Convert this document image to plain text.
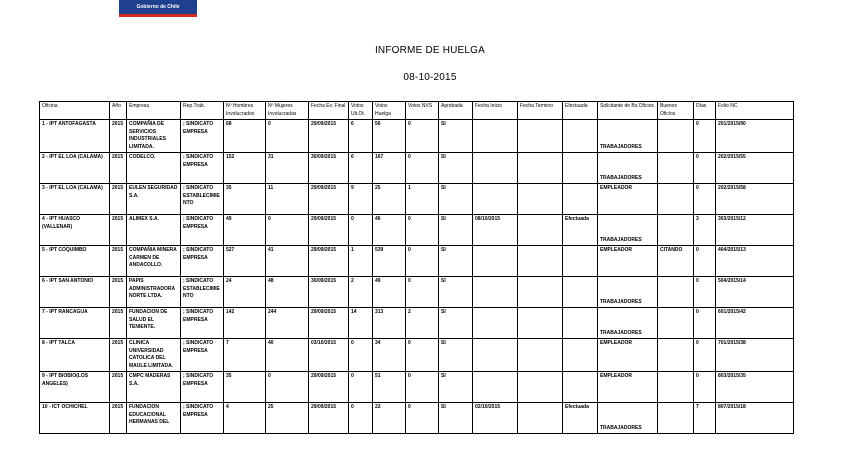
Gobierno de Chile
INFORME DE HUELGA
08-10-2015
Oficina	Año	Empresa	Rep.Trab.	Nº Hombres Involucrados	Nº Mujeres Involucradas	Fecha Ev. Final	Votos Ult.Ot.	Votos Huelga	Votos NVS	Aprobada	Fecha Inicio	Fecha Termino	Efectuada	Solicitante de Bs.Oficios	Buenos Oficios	Días	Folio NC
1 - IPT ANTOFAGASTA	2015	COMPAÑIA DE SERVICIOS INDUSTRIALES LIMITADA.	; SINDICATO EMPRESA	68	0	29/09/2015	6	56	0	SI				TRABAJADORES		0	201/2015/90
2 - IPT EL LOA (CALAMA)	2015	CODELCO.	; SINDICATO EMPRESA	152	31	30/09/2015	6	167	0	SI				TRABAJADORES		0	202/2015/55
3 - IPT EL LOA (CALAMA)	2015	EULEN SEGURIDAD S.A.	; SINDICATO ESTABLECIMIENTO	35	11	29/09/2015	9	25	1	SI				EMPLEADOR		0	202/2015/58
4 - IPT HUASCO (VALLENAR)	2015	ALIMEX S.A.	; SINDICATO EMPRESA	49	0	29/09/2015	0	46	0	SI	08/10/2015		Efectuada	TRABAJADORES		3	303/2015/12
5 - IPT COQUIMBO	2015	COMPAÑIA MINERA CARMEN DE ANDACOLLO.	; SINDICATO EMPRESA	527	41	29/09/2015	1	539	0	SI				EMPLEADOR	CITANDO	0	404/2015/13
6 - IPT SAN ANTONIO	2015	PAPIS ADMINISTRADORA NORTE LTDA.	; SINDICATO ESTABLECIMIENTO	24	48	30/09/2015	2	49	0	SI				TRABAJADORES		0	504/2015/14
7 - IPT RANCAGUA	2015	FUNDACION DE SALUD EL TENIENTE.	; SINDICATO EMPRESA	142	244	29/09/2015	14	313	2	SI				TRABAJADORES		0	601/2015/42
8 - IPT TALCA	2015	CLINICA UNIVERSIDAD CATOLICA DEL MAULE LIMITADA.	; SINDICATO EMPRESA	7	40	03/10/2015	0	34	0	SI				EMPLEADOR		0	701/2015/38
9 - IPT BIOBIO(LOS ANGELES)	2015	CMPC MADERAS S.A.	; SINDICATO EMPRESA	35	0	29/09/2015	0	51	0	SI				EMPLEADOR		0	803/2015/35
10 - ICT OCHICHEL	2015	FUNDACION EDUCACIONAL HERMANAS DEL	; SINDICATO EMPRESA	4	25	29/09/2015	0	22	0	SI	02/10/2015		Efectuada	TRABAJADORES		7	807/2015/18
